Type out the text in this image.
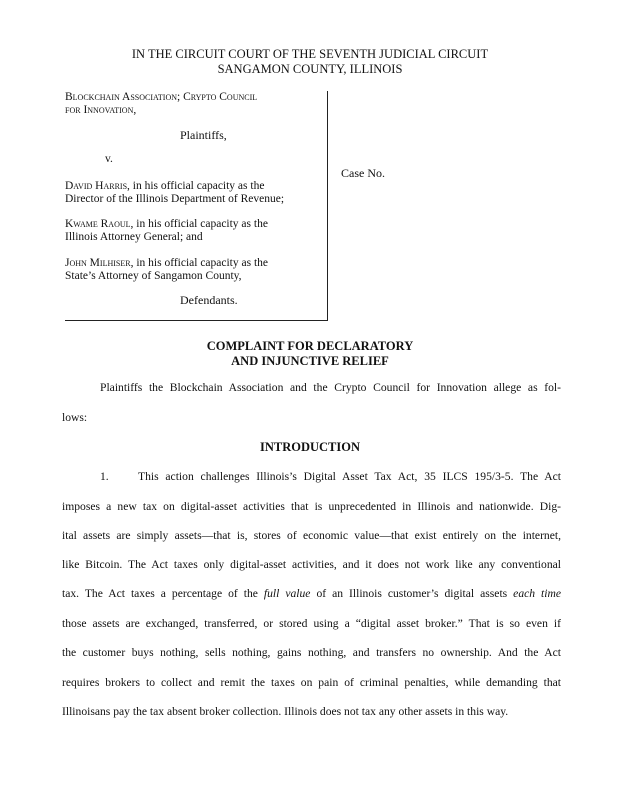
IN THE CIRCUIT COURT OF THE SEVENTH JUDICIAL CIRCUIT
SANGAMON COUNTY, ILLINOIS
Blockchain Association; Crypto Council
for Innovation,
Plaintiffs,
v.
David Harris, in his official capacity as the
Director of the Illinois Department of Revenue;
Kwame Raoul, in his official capacity as the
Illinois Attorney General; and
John Milhiser, in his official capacity as the
State’s Attorney of Sangamon County,
Defendants.
Case No.
COMPLAINT FOR DECLARATORY
AND INJUNCTIVE RELIEF
Plaintiffs the Blockchain Association and the Crypto Council for Innovation allege as fol-
lows:
INTRODUCTION
1.	This action challenges Illinois’s Digital Asset Tax Act, 35 ILCS 195/3-5. The Act
imposes a new tax on digital-asset activities that is unprecedented in Illinois and nationwide. Dig-
ital assets are simply assets—that is, stores of economic value—that exist entirely on the internet,
like Bitcoin. The Act taxes only digital-asset activities, and it does not work like any conventional
tax. The Act taxes a percentage of the full value of an Illinois customer’s digital assets each time
those assets are exchanged, transferred, or stored using a “digital asset broker.” That is so even if
the customer buys nothing, sells nothing, gains nothing, and transfers no ownership. And the Act
requires brokers to collect and remit the taxes on pain of criminal penalties, while demanding that
Illinoisans pay the tax absent broker collection. Illinois does not tax any other assets in this way.
